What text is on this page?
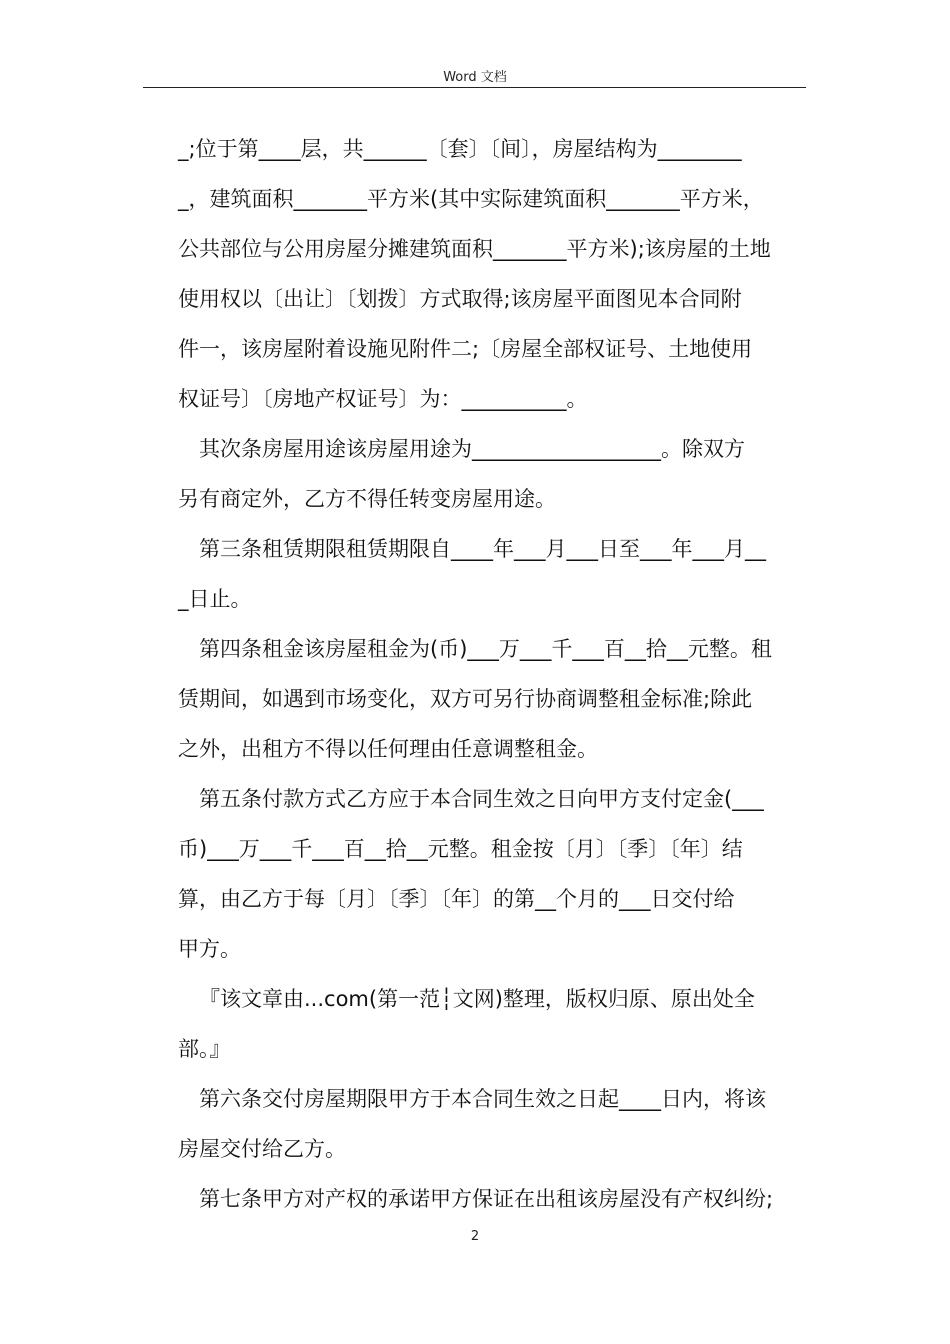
Word 文档
_;位于第____层，共______〔套〕〔间〕，房屋结构为________
_，建筑面积_______平方米(其中实际建筑面积_______平方米，
公共部位与公用房屋分摊建筑面积_______平方米);该房屋的土地
使用权以〔出让〕〔划拨〕方式取得;该房屋平面图见本合同附
件一，该房屋附着设施见附件二;〔房屋全部权证号、土地使用
权证号〕〔房地产权证号〕为：__________。
其次条房屋用途该房屋用途为__________________。除双方
另有商定外，乙方不得任转变房屋用途。
第三条租赁期限租赁期限自____年___月___日至___年___月__
_日止。
第四条租金该房屋租金为(币)___万___千___百__拾__元整。租
赁期间，如遇到市场变化，双方可另行协商调整租金标准;除此
之外，出租方不得以任何理由任意调整租金。
第五条付款方式乙方应于本合同生效之日向甲方支付定金(___
币)___万___千___百__拾__元整。租金按〔月〕〔季〕〔年〕结
算，由乙方于每〔月〕〔季〕〔年〕的第__个月的___日交付给
甲方。
『该文章由...com(第一范┆文网)整理，版权归原、原出处全
部。』
第六条交付房屋期限甲方于本合同生效之日起____日内，将该
房屋交付给乙方。
第七条甲方对产权的承诺甲方保证在出租该房屋没有产权纠纷;
2
